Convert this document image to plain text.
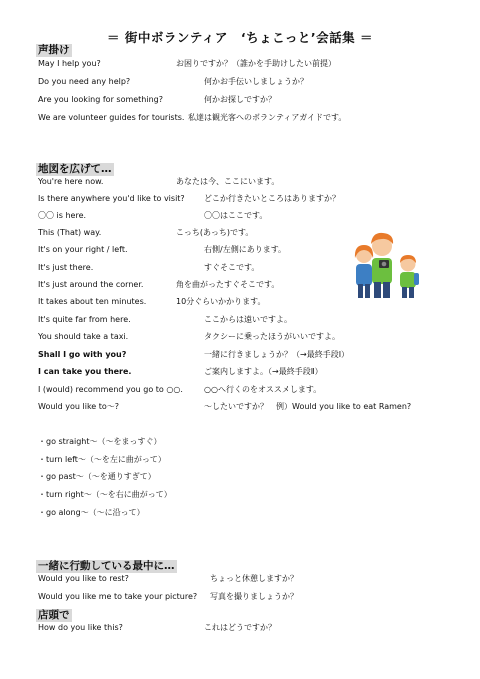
＝ 街中ボランティア　‘ちょこっと’会話集 ＝
声掛け
May I help you?	お困りですか？（誰かを手助けしたい前提）
Do you need any help?	何かお手伝いしましょうか？
Are you looking for something?	何かお探しですか？
We are volunteer guides for tourists. 私達は観光客へのボランティアガイドです。
地図を広げて…
You're here now.	あなたは今、ここにいます。
Is there anywhere you'd like to visit? どこか行きたいところはありますか？
〇〇 is here.	〇〇はここです。
This (That) way.	こっち(あっち)です。
It's on your right / left.	右側/左側にあります。
It's just there.	すぐそこです。
It's just around the corner.	角を曲がったすぐそこです。
It takes about ten minutes.	10分ぐらいかかります。
It's quite far from here.	ここからは遠いですよ。
You should take a taxi.	タクシーに乗ったほうがいいですよ。
Shall I go with you?	一緒に行きましょうか？（→最終手段Ⅰ）
I can take you there.	ご案内しますよ。（→最終手段Ⅱ）
I (would) recommend you go to ○○.	○○へ行くのをオススメします。
Would you like to～?	～したいですか？　例）Would you like to eat Ramen?
・go straight～（～をまっすぐ）
・turn left～（～を左に曲がって）
・go past～（～を通りすぎて）
・turn right～（～を右に曲がって）
・go along～（～に沿って）
一緒に行動している最中に…
Would you like to rest?	ちょっと休憩しますか？
Would you like me to take your picture? 写真を撮りましょうか？
店頭で
How do you like this?	これはどうですか？
